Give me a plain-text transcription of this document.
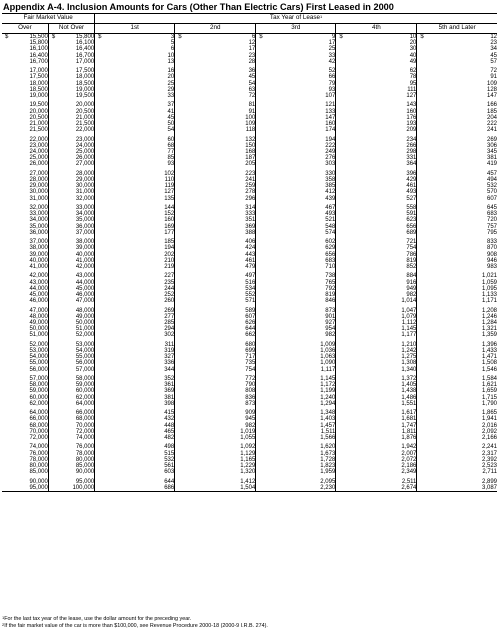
Appendix A-4. Inclusion Amounts for Cars (Other Than Electric Cars) First Leased in 2000
Fair Market Value		Tax Year of Lease$^1$
Over	Not Over	1st	2nd	3rd	4th	5th and Later

$ 15,500	$ 15,800	$ 3	$ 6	$ 9	$ 10	$ 12
15,800	16,100	5	12	17	20	23
16,100	16,400	6	17	25	30	34
16,400	16,700	10	23	33	40	45
16,700	17,000	13	28	42	49	57

17,000	17,500	16	36	52	62	72
17,500	18,000	20	45	66	78	91
18,000	18,500	25	54	79	95	109
18,500	19,000	29	63	93	111	128
19,000	19,500	33	72	107	127	147

19,500	20,000	37	81	121	143	166
20,000	20,500	41	91	133	160	185
20,500	21,000	45	100	147	176	204
21,000	21,500	50	109	160	193	222
21,500	22,000	54	118	174	209	241

22,000	23,000	60	132	194	234	269
23,000	24,000	68	150	222	266	306
24,000	25,000	77	168	249	298	345
25,000	26,000	85	187	276	331	381
26,000	27,000	93	205	303	364	419

27,000	28,000	102	223	330	396	457
28,000	29,000	110	241	358	429	494
29,000	30,000	119	259	385	461	532
30,000	31,000	127	278	412	493	570
31,000	32,000	135	296	439	527	607

32,000	33,000	144	314	467	558	645
33,000	34,000	152	333	493	591	683
34,000	35,000	160	351	521	623	720
35,000	36,000	169	369	548	656	757
36,000	37,000	177	388	574	689	795

37,000	38,000	185	406	602	721	833
38,000	39,000	194	424	629	754	870
39,000	40,000	202	443	656	786	908
40,000	41,000	210	461	683	819	946
41,000	42,000	219	479	710	852	983

42,000	43,000	227	497	738	884	1,021
43,000	44,000	235	516	765	916	1,059
44,000	45,000	244	534	792	949	1,095
45,000	46,000	252	552	819	982	1,133
46,000	47,000	260	571	846	1,014	1,171

47,000	48,000	269	589	873	1,047	1,208
48,000	49,000	277	607	901	1,079	1,246
49,000	50,000	285	626	927	1,112	1,284
50,000	51,000	294	644	954	1,145	1,321
51,000	52,000	302	662	982	1,177	1,359

52,000	53,000	311	680	1,009	1,210	1,396
53,000	54,000	319	699	1,036	1,242	1,433
54,000	55,000	327	717	1,063	1,275	1,471
55,000	56,000	336	735	1,090	1,308	1,508
56,000	57,000	344	754	1,117	1,340	1,546

57,000	58,000	352	772	1,145	1,372	1,584
58,000	59,000	361	790	1,172	1,405	1,621
59,000	60,000	369	808	1,199	1,438	1,659
60,000	62,000	381	836	1,240	1,486	1,715
62,000	64,000	398	873	1,294	1,551	1,790

64,000	66,000	415	909	1,348	1,617	1,865
66,000	68,000	432	945	1,403	1,681	1,941
68,000	70,000	448	982	1,457	1,747	2,016
70,000	72,000	465	1,019	1,511	1,811	2,092
72,000	74,000	482	1,055	1,566	1,876	2,166

74,000	76,000	498	1,092	1,620	1,942	2,241
76,000	78,000	515	1,129	1,673	2,007	2,317
78,000	80,000	532	1,165	1,728	2,072	2,392
80,000	85,000	561	1,229	1,823	2,186	2,523
85,000	90,000	603	1,320	1,959	2,349	2,711

90,000	95,000	644	1,412	2,095	2,511	2,899
95,000	100,000	686	1,504	2,230	2,674	3,087
$^1$For the last tax year of the lease, use the dollar amount for the preceding year.
$^2$If the fair market value of the car is more than $100,000, see Revenue Procedure 2000-18 (2000-9 I.R.B. 274).
